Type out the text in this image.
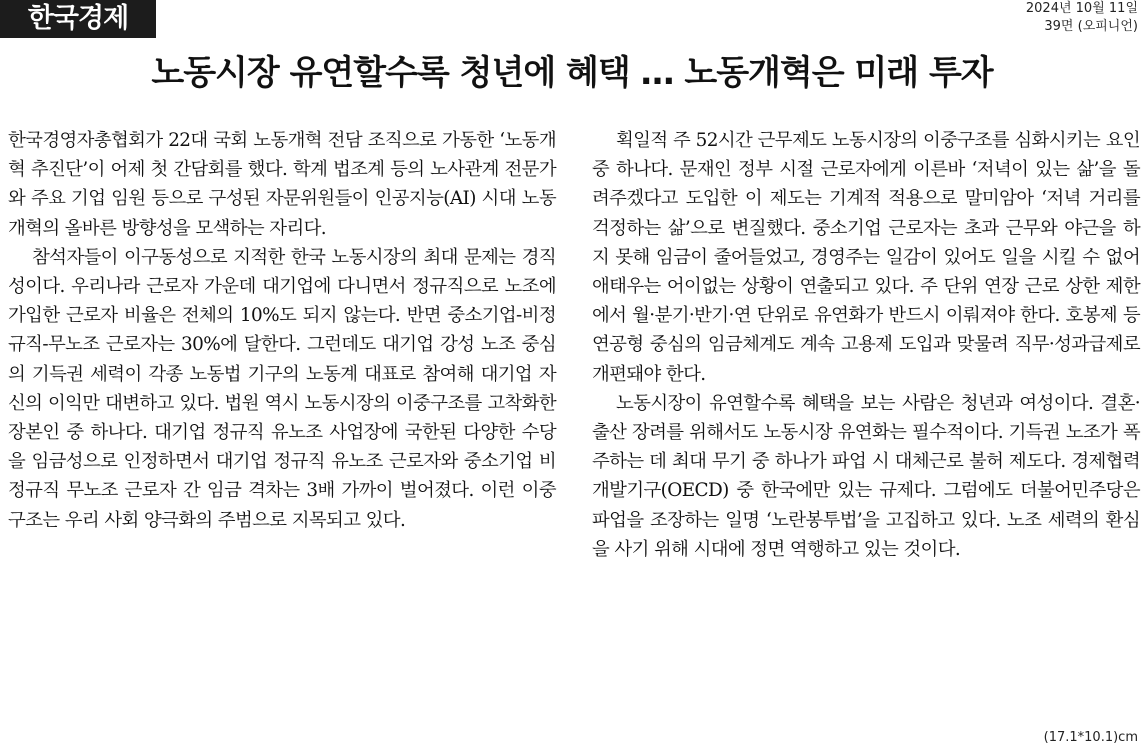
한국경제	2024년 10월 11일
39면 (오피니언)
노동시장 유연할수록 청년에 혜택 … 노동개혁은 미래 투자

한국경영자총협회가 22대 국회 노동개혁 전담 조직으로 가동한 ‘노동개혁 추진단’이 어제 첫 간담회를 했다. 학계 법조계 등의 노사관계 전문가와 주요 기업 임원 등으로 구성된 자문위원들이 인공지능(AI) 시대 노동개혁의 올바른 방향성을 모색하는 자리다.

참석자들이 이구동성으로 지적한 한국 노동시장의 최대 문제는 경직성이다. 우리나라 근로자 가운데 대기업에 다니면서 정규직으로 노조에 가입한 근로자 비율은 전체의 10%도 되지 않는다. 반면 중소기업-비정규직-무노조 근로자는 30%에 달한다. 그런데도 대기업 강성 노조 중심의 기득권 세력이 각종 노동법 기구의 노동계 대표로 참여해 대기업 자신의 이익만 대변하고 있다. 법원 역시 노동시장의 이중구조를 고착화한 장본인 중 하나다. 대기업 정규직 유노조 사업장에 국한된 다양한 수당을 임금성으로 인정하면서 대기업 정규직 유노조 근로자와 중소기업 비정규직 무노조 근로자 간 임금 격차는 3배 가까이 벌어졌다. 이런 이중구조는 우리 사회 양극화의 주범으로 지목되고 있다.

획일적 주 52시간 근무제도 노동시장의 이중구조를 심화시키는 요인 중 하나다. 문재인 정부 시절 근로자에게 이른바 ‘저녁이 있는 삶’을 돌려주겠다고 도입한 이 제도는 기계적 적용으로 말미암아 ‘저녁 거리를 걱정하는 삶’으로 변질했다. 중소기업 근로자는 초과 근무와 야근을 하지 못해 임금이 줄어들었고, 경영주는 일감이 있어도 일을 시킬 수 없어 애태우는 어이없는 상황이 연출되고 있다. 주 단위 연장 근로 상한 제한에서 월·분기·반기·연 단위로 유연화가 반드시 이뤄져야 한다. 호봉제 등 연공형 중심의 임금체계도 계속 고용제 도입과 맞물려 직무·성과급제로 개편돼야 한다.

노동시장이 유연할수록 혜택을 보는 사람은 청년과 여성이다. 결혼·출산 장려를 위해서도 노동시장 유연화는 필수적이다. 기득권 노조가 폭주하는 데 최대 무기 중 하나가 파업 시 대체근로 불허 제도다. 경제협력개발기구(OECD) 중 한국에만 있는 규제다. 그럼에도 더불어민주당은 파업을 조장하는 일명 ‘노란봉투법’을 고집하고 있다. 노조 세력의 환심을 사기 위해 시대에 정면 역행하고 있는 것이다.

(17.1*10.1)cm
